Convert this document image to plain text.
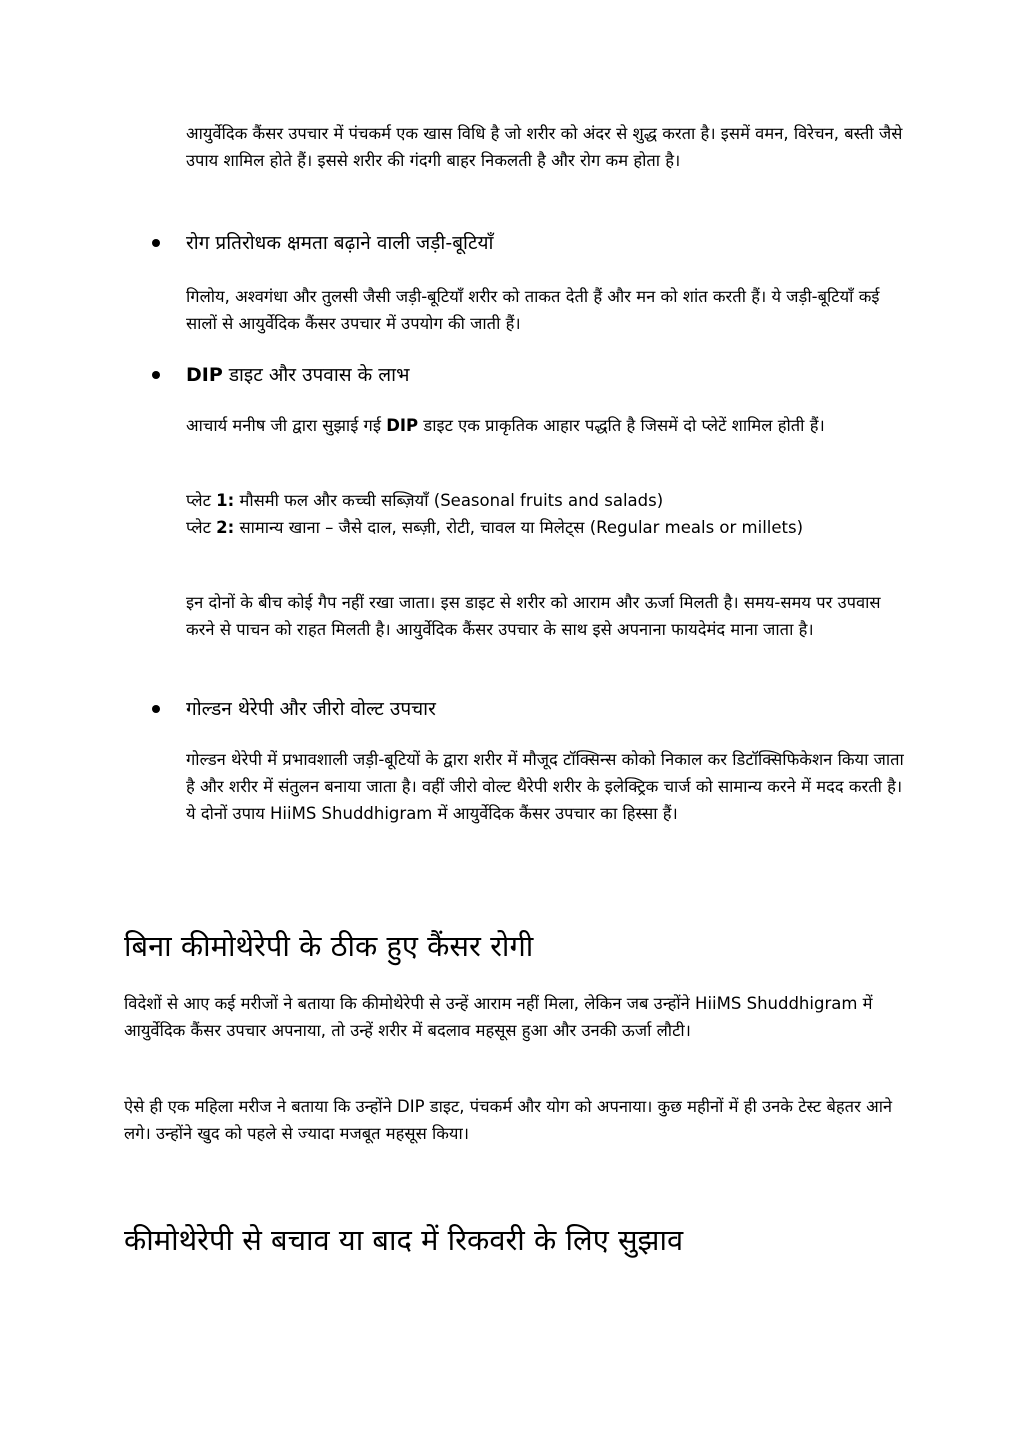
आयुर्वेदिक कैंसर उपचार में पंचकर्म एक खास विधि है जो शरीर को अंदर से शुद्ध करता है। इसमें वमन, विरेचन, बस्ती जैसे उपाय शामिल होते हैं। इससे शरीर की गंदगी बाहर निकलती है और रोग कम होता है।

रोग प्रतिरोधक क्षमता बढ़ाने वाली जड़ी-बूटियाँ

गिलोय, अश्वगंधा और तुलसी जैसी जड़ी-बूटियाँ शरीर को ताकत देती हैं और मन को शांत करती हैं। ये जड़ी-बूटियाँ कई सालों से आयुर्वेदिक कैंसर उपचार में उपयोग की जाती हैं।

DIP डाइट और उपवास के लाभ

आचार्य मनीष जी द्वारा सुझाई गई DIP डाइट एक प्राकृतिक आहार पद्धति है जिसमें दो प्लेटें शामिल होती हैं।

प्लेट 1: मौसमी फल और कच्ची सब्ज़ियाँ (Seasonal fruits and salads)
प्लेट 2: सामान्य खाना – जैसे दाल, सब्ज़ी, रोटी, चावल या मिलेट्स (Regular meals or millets)

इन दोनों के बीच कोई गैप नहीं रखा जाता। इस डाइट से शरीर को आराम और ऊर्जा मिलती है। समय-समय पर उपवास करने से पाचन को राहत मिलती है। आयुर्वेदिक कैंसर उपचार के साथ इसे अपनाना फायदेमंद माना जाता है।

गोल्डन थेरेपी और जीरो वोल्ट उपचार

गोल्डन थेरेपी में प्रभावशाली जड़ी-बूटियों के द्वारा शरीर में मौजूद टॉक्सिन्स कोको निकाल कर डिटॉक्सिफिकेशन किया जाता है और शरीर में संतुलन बनाया जाता है। वहीं जीरो वोल्ट थैरेपी शरीर के इलेक्ट्रिक चार्ज को सामान्य करने में मदद करती है। ये दोनों उपाय HiiMS Shuddhigram में आयुर्वेदिक कैंसर उपचार का हिस्सा हैं।

बिना कीमोथेरेपी के ठीक हुए कैंसर रोगी

विदेशों से आए कई मरीजों ने बताया कि कीमोथेरेपी से उन्हें आराम नहीं मिला, लेकिन जब उन्होंने HiiMS Shuddhigram में आयुर्वेदिक कैंसर उपचार अपनाया, तो उन्हें शरीर में बदलाव महसूस हुआ और उनकी ऊर्जा लौटी।

ऐसे ही एक महिला मरीज ने बताया कि उन्होंने DIP डाइट, पंचकर्म और योग को अपनाया। कुछ महीनों में ही उनके टेस्ट बेहतर आने लगे। उन्होंने खुद को पहले से ज्यादा मजबूत महसूस किया।

कीमोथेरेपी से बचाव या बाद में रिकवरी के लिए सुझाव
